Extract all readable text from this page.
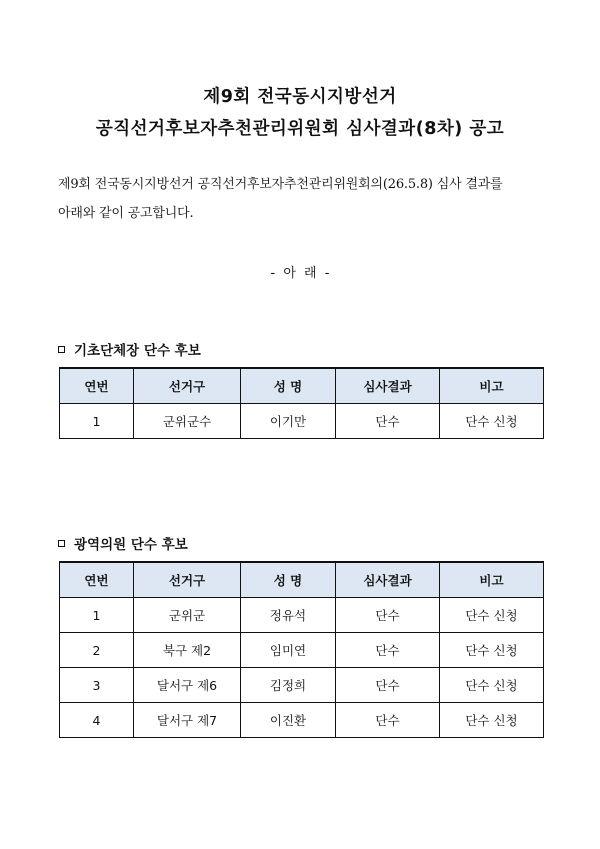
제9회 전국동시지방선거
공직선거후보자추천관리위원회 심사결과(8차) 공고

제9회 전국동시지방선거 공직선거후보자추천관리위원회의(26.5.8) 심사 결과를
아래와 같이 공고합니다.

- 아 래 -

기초단체장 단수 후보
연번	선거구	성 명	심사결과	비고
1	군위군수	이기만	단수	단수 신청
광역의원 단수 후보
연번	선거구	성 명	심사결과	비고
1	군위군	정유석	단수	단수 신청
2	북구 제2	임미연	단수	단수 신청
3	달서구 제6	김정희	단수	단수 신청
4	달서구 제7	이진환	단수	단수 신청
